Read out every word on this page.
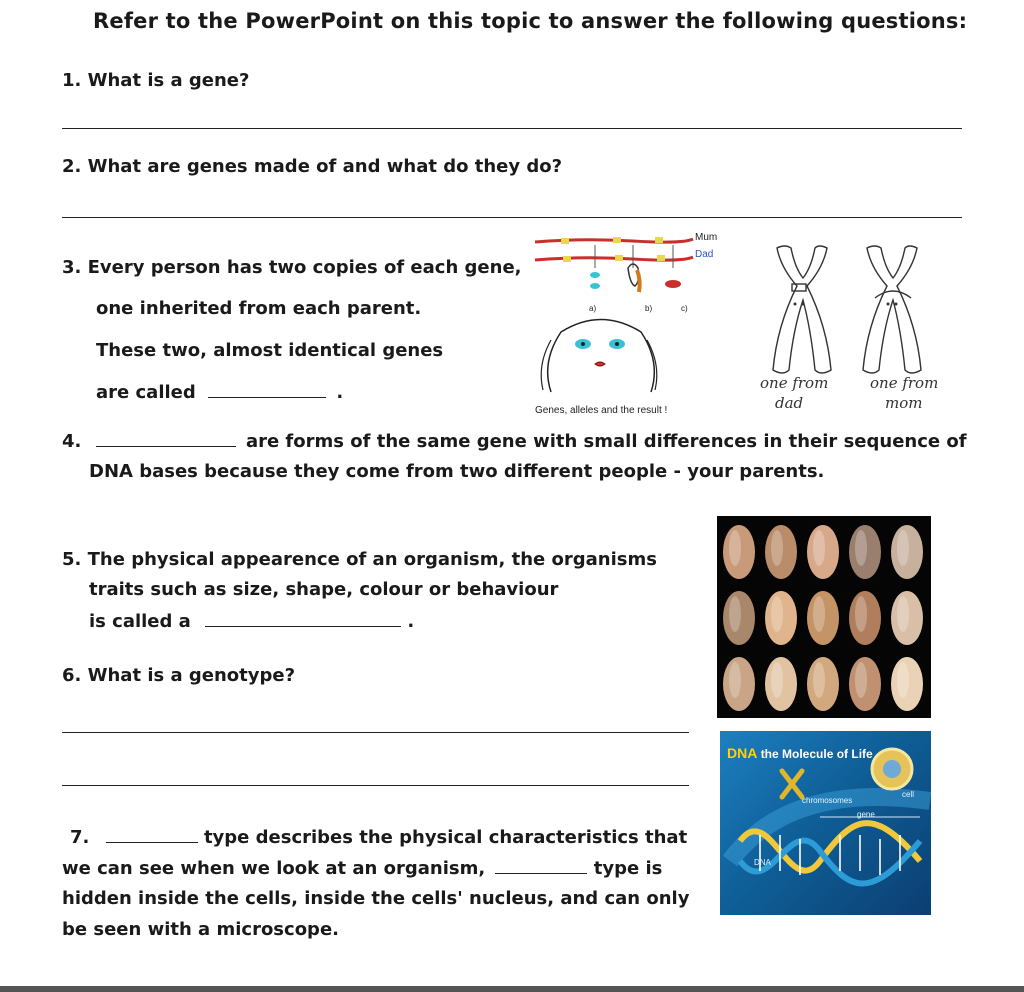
Refer to the PowerPoint on this topic to answer the following questions:
1. What is a gene?
2. What are genes made of and what do they do?
3. Every person has two copies of each gene,
one inherited from each parent.
These two, almost identical genes
are called	.
Mum
Dad
a)	b)	c)
Genes, alleles and the result !
one from
dad
one from
mom
4.	are forms of the same gene with small differences in their sequence of
DNA bases because they come from two different people - your parents.
5. The physical appearence of an organism, the organisms
traits such as size, shape, colour or behaviour
is called a	.
6. What is a genotype?
DNA the Molecule of Life
chromosomes
cell
gene
DNA
7.	type describes the physical characteristics that
we can see when we look at an organism,	type is
hidden inside the cells, inside the cells' nucleus, and can only
be seen with a microscope.
